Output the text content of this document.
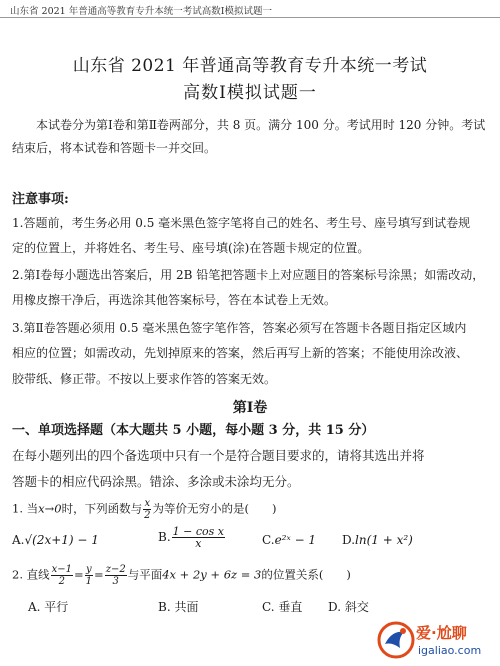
山东省 2021 年普通高等教育专升本统一考试高数Ⅰ模拟试题一
山东省 2021 年普通高等教育专升本统一考试
高数Ⅰ模拟试题一
本试卷分为第Ⅰ卷和第Ⅱ卷两部分，共 8 页。满分 100 分。考试用时 120 分钟。考试
结束后，将本试卷和答题卡一并交回。
注意事项:
1.答题前，考生务必用 0.5 毫米黑色签字笔将自己的姓名、考生号、座号填写到试卷规
定的位置上，并将姓名、考生号、座号填(涂)在答题卡规定的位置。
2.第Ⅰ卷每小题选出答案后，用 2B 铅笔把答题卡上对应题目的答案标号涂黑；如需改动，
用橡皮擦干净后，再选涂其他答案标号，答在本试卷上无效。
3.第Ⅱ卷答题必须用 0.5 毫米黑色签字笔作答，答案必须写在答题卡各题目指定区域内
相应的位置；如需改动，先划掉原来的答案，然后再写上新的答案；不能使用涂改液、
胶带纸、修正带。不按以上要求作答的答案无效。
第Ⅰ卷
一、单项选择题（本大题共 5 小题，每小题 3 分，共 15 分）
在每小题列出的四个备选项中只有一个是符合题目要求的，请将其选出并将
答题卡的相应代码涂黑。错涂、多涂或未涂均无分。
1. 当x→0时，下列函数与 $\frac{x}{2}$ 为等价无穷小的是(　　)
A.√(2x+1) − 1	B. $\frac{\text{1 − cos x}}{x}$	C.e²ˣ − 1 D.ln(1 + x²)
2. 直线 $\frac{x-1}{2} = \frac{y}{1} = \frac{z-2}{3}$ 与平面4x + 2y + 6z = 3的位置关系(　　)
A. 平行	B. 共面	C. 垂直 D. 斜交
爱·尬聊
igaliao.com
